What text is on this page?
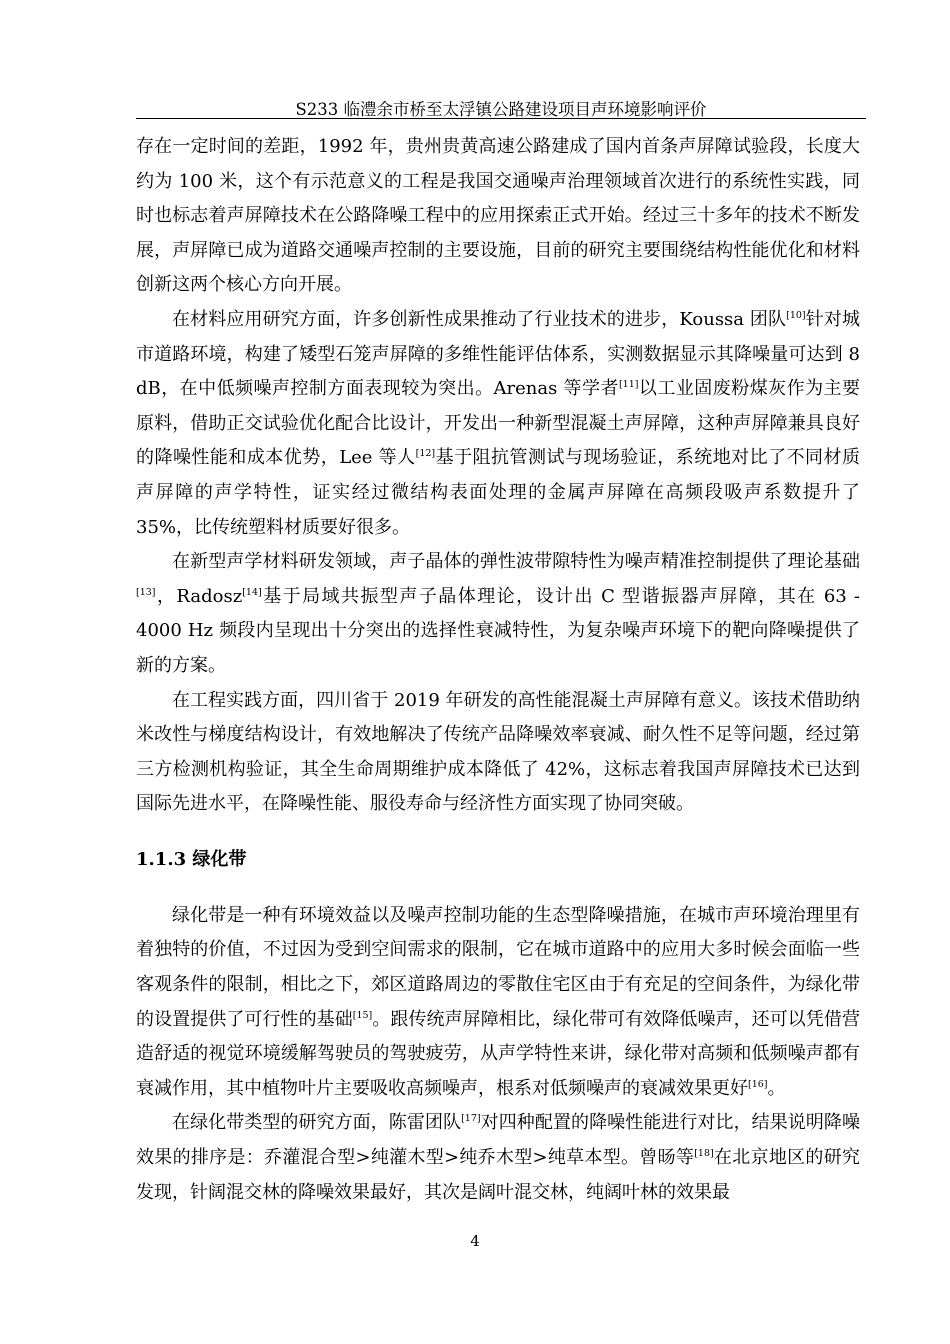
S233 临澧余市桥至太浮镇公路建设项目声环境影响评价

存在一定时间的差距，1992 年，贵州贵黄高速公路建成了国内首条声屏障试验段，长度大约为 100 米，这个有示范意义的工程是我国交通噪声治理领域首次进行的系统性实践，同时也标志着声屏障技术在公路降噪工程中的应用探索正式开始。经过三十多年的技术不断发展，声屏障已成为道路交通噪声控制的主要设施，目前的研究主要围绕结构性能优化和材料创新这两个核心方向开展。

在材料应用研究方面，许多创新性成果推动了行业技术的进步，Koussa 团队[10]针对城市道路环境，构建了矮型石笼声屏障的多维性能评估体系，实测数据显示其降噪量可达到 8 dB，在中低频噪声控制方面表现较为突出。Arenas 等学者[11]以工业固废粉煤灰作为主要原料，借助正交试验优化配合比设计，开发出一种新型混凝土声屏障，这种声屏障兼具良好的降噪性能和成本优势，Lee 等人[12]基于阻抗管测试与现场验证，系统地对比了不同材质声屏障的声学特性，证实经过微结构表面处理的金属声屏障在高频段吸声系数提升了 35%，比传统塑料材质要好很多。

在新型声学材料研发领域，声子晶体的弹性波带隙特性为噪声精准控制提供了理论基础[13]，Radosz[14]基于局域共振型声子晶体理论，设计出 C 型谐振器声屏障，其在 63 - 4000 Hz 频段内呈现出十分突出的选择性衰减特性，为复杂噪声环境下的靶向降噪提供了新的方案。

在工程实践方面，四川省于 2019 年研发的高性能混凝土声屏障有意义。该技术借助纳米改性与梯度结构设计，有效地解决了传统产品降噪效率衰减、耐久性不足等问题，经过第三方检测机构验证，其全生命周期维护成本降低了 42%，这标志着我国声屏障技术已达到国际先进水平，在降噪性能、服役寿命与经济性方面实现了协同突破。

1.1.3 绿化带

绿化带是一种有环境效益以及噪声控制功能的生态型降噪措施，在城市声环境治理里有着独特的价值，不过因为受到空间需求的限制，它在城市道路中的应用大多时候会面临一些客观条件的限制，相比之下，郊区道路周边的零散住宅区由于有充足的空间条件，为绿化带的设置提供了可行性的基础[15]。跟传统声屏障相比，绿化带可有效降低噪声，还可以凭借营造舒适的视觉环境缓解驾驶员的驾驶疲劳，从声学特性来讲，绿化带对高频和低频噪声都有衰减作用，其中植物叶片主要吸收高频噪声，根系对低频噪声的衰减效果更好[16]。

在绿化带类型的研究方面，陈雷团队[17]对四种配置的降噪性能进行对比，结果说明降噪效果的排序是：乔灌混合型>纯灌木型>纯乔木型>纯草本型。曾旸等[18]在北京地区的研究发现，针阔混交林的降噪效果最好，其次是阔叶混交林，纯阔叶林的效果最

4
